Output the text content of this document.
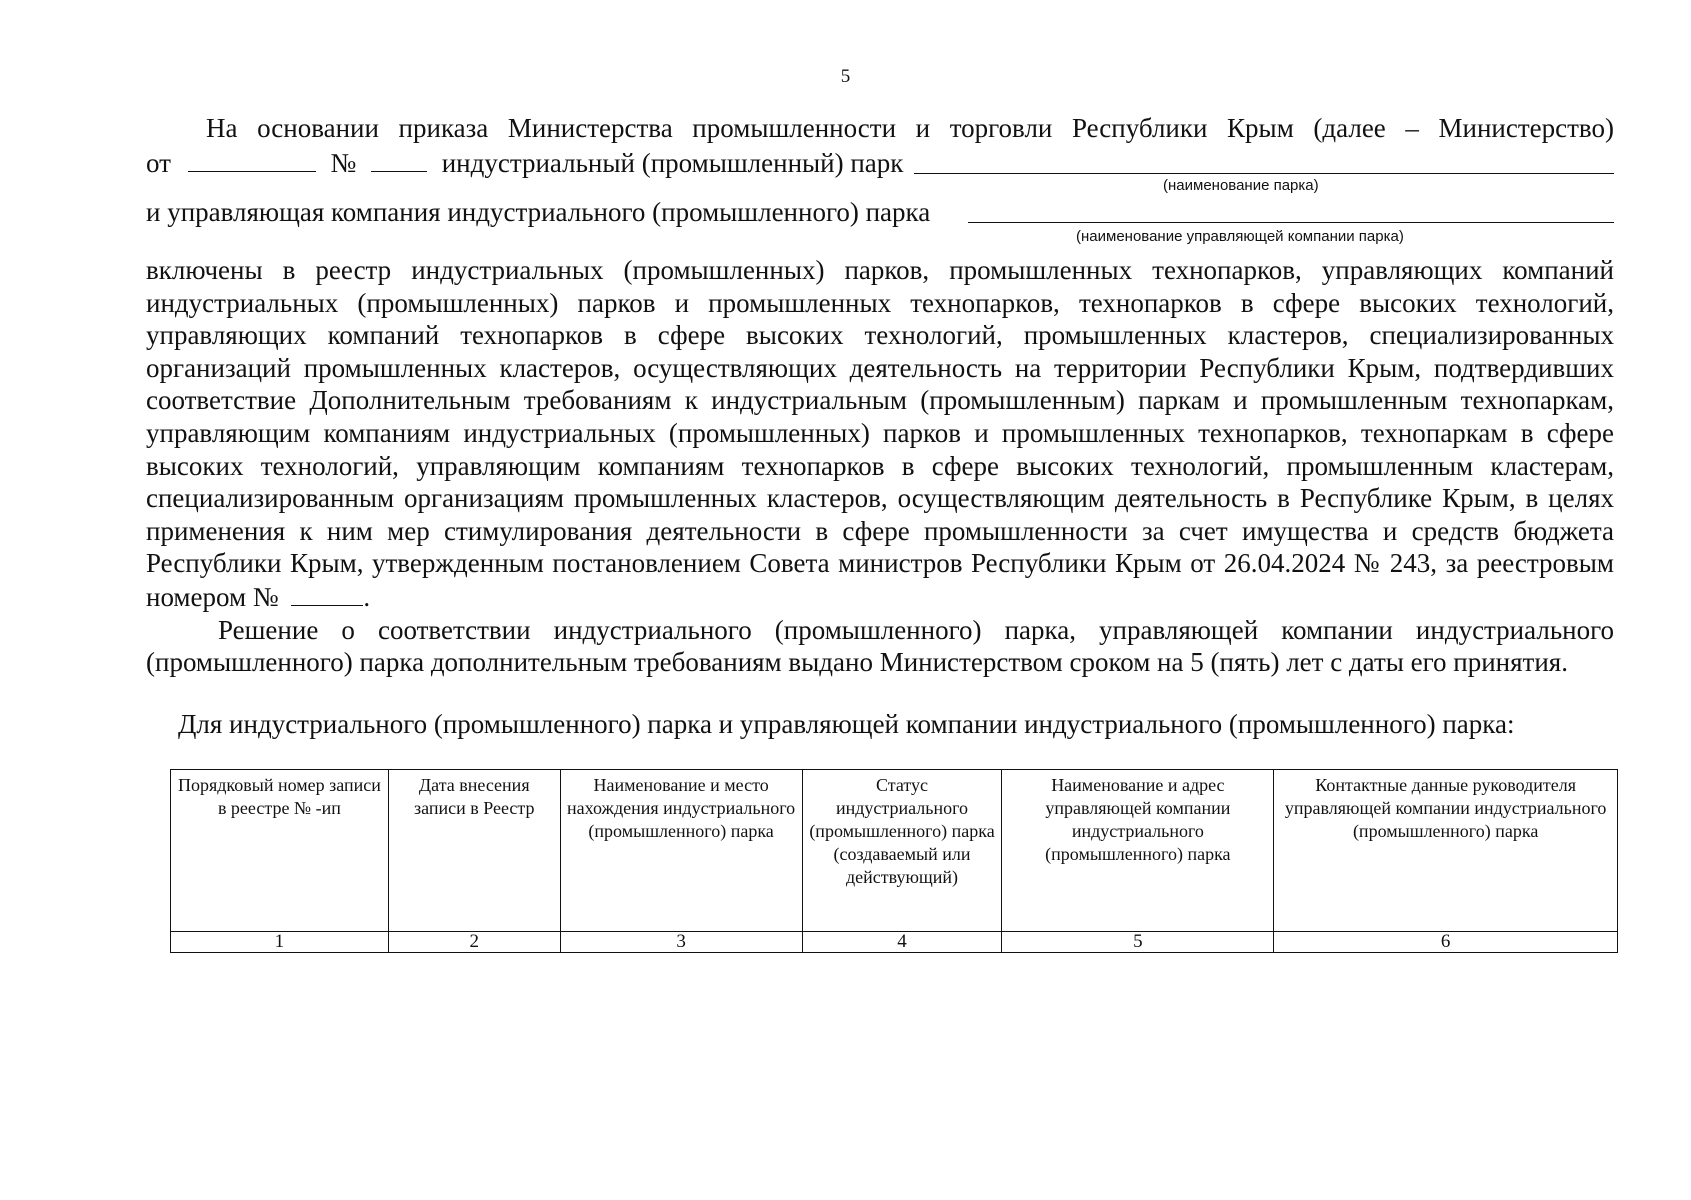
5
На основании приказа Министерства промышленности и торговли Республики Крым (далее – Министерство)
от	№	индустриальный (промышленный) парк
(наименование парка)
и управляющая компания индустриального (промышленного) парка
(наименование управляющей компании парка)
включены в реестр индустриальных (промышленных) парков, промышленных технопарков, управляющих компаний
индустриальных (промышленных) парков и промышленных технопарков, технопарков в сфере высоких технологий,
управляющих компаний технопарков в сфере высоких технологий, промышленных кластеров, специализированных
организаций промышленных кластеров, осуществляющих деятельность на территории Республики Крым, подтвердивших
соответствие Дополнительным требованиям к индустриальным (промышленным) паркам и промышленным технопаркам,
управляющим компаниям индустриальных (промышленных) парков и промышленных технопарков, технопаркам в сфере
высоких технологий, управляющим компаниям технопарков в сфере высоких технологий, промышленным кластерам,
специализированным организациям промышленных кластеров, осуществляющим деятельность в Республике Крым, в целях
применения к ним мер стимулирования деятельности в сфере промышленности за счет имущества и средств бюджета
Республики Крым, утвержденным постановлением Совета министров Республики Крым от 26.04.2024 № 243, за реестровым
номером №	.
Решение о соответствии индустриального (промышленного) парка, управляющей компании индустриального
(промышленного) парка дополнительным требованиям выдано Министерством сроком на 5 (пять) лет с даты его принятия.
Для индустриального (промышленного) парка и управляющей компании индустриального (промышленного) парка:
Порядковый номер записи в реестре № -ип	Дата внесения записи в Реестр	Наименование и место нахождения индустриального (промышленного) парка	Статус индустриального (промышленного) парка (создаваемый или действующий)	Наименование и адрес управляющей компании индустриального (промышленного) парка	Контактные данные руководителя управляющей компании индустриального (промышленного) парка
1	2	3	4	5	6
